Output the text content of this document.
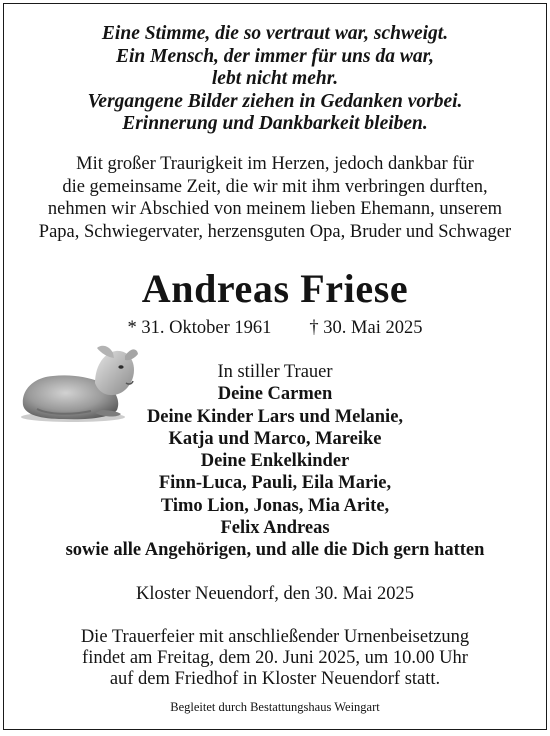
Eine Stimme, die so vertraut war, schweigt.
Ein Mensch, der immer für uns da war,
lebt nicht mehr.
Vergangene Bilder ziehen in Gedanken vorbei.
Erinnerung und Dankbarkeit bleiben.
Mit großer Traurigkeit im Herzen, jedoch dankbar für
die gemeinsame Zeit, die wir mit ihm verbringen durften,
nehmen wir Abschied von meinem lieben Ehemann, unserem
Papa, Schwiegervater, herzensguten Opa, Bruder und Schwager
Andreas Friese
* 31. Oktober 1961 † 30. Mai 2025
In stiller Trauer
Deine Carmen
Deine Kinder Lars und Melanie,
Katja und Marco, Mareike
Deine Enkelkinder
Finn-Luca, Pauli, Eila Marie,
Timo Lion, Jonas, Mia Arite,
Felix Andreas
sowie alle Angehörigen, und alle die Dich gern hatten
Kloster Neuendorf, den 30. Mai 2025
Die Trauerfeier mit anschließender Urnenbeisetzung
findet am Freitag, dem 20. Juni 2025, um 10.00 Uhr
auf dem Friedhof in Kloster Neuendorf statt.
Begleitet durch Bestattungshaus Weingart
